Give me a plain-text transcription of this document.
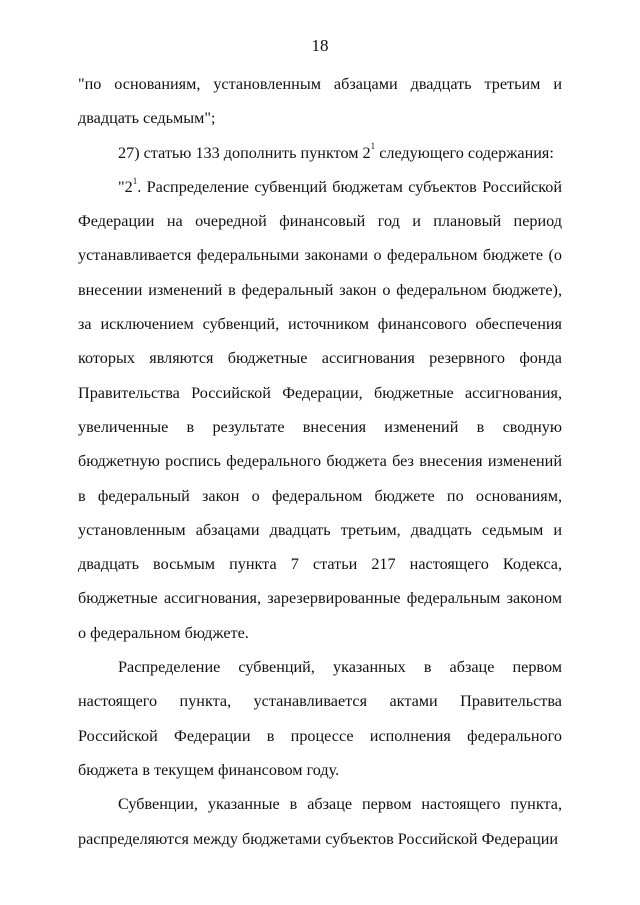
18

"по основаниям, установленным абзацами двадцать третьим и двадцать седьмым";

27) статью 133 дополнить пунктом $2^1$ следующего содержания:

"$2^1$. Распределение субвенций бюджетам субъектов Российской Федерации на очередной финансовый год и плановый период устанавливается федеральными законами о федеральном бюджете (о внесении изменений в федеральный закон о федеральном бюджете), за исключением субвенций, источником финансового обеспечения которых являются бюджетные ассигнования резервного фонда Правительства Российской Федерации, бюджетные ассигнования, увеличенные в результате внесения изменений в сводную бюджетную роспись федерального бюджета без внесения изменений в федеральный закон о федеральном бюджете по основаниям, установленным абзацами двадцать третьим, двадцать седьмым и двадцать восьмым пункта 7 статьи 217 настоящего Кодекса, бюджетные ассигнования, зарезервированные федеральным законом о федеральном бюджете.

Распределение субвенций, указанных в абзаце первом настоящего пункта, устанавливается актами Правительства Российской Федерации в процессе исполнения федерального бюджета в текущем финансовом году.

Субвенции, указанные в абзаце первом настоящего пункта, распределяются между бюджетами субъектов Российской Федерации
